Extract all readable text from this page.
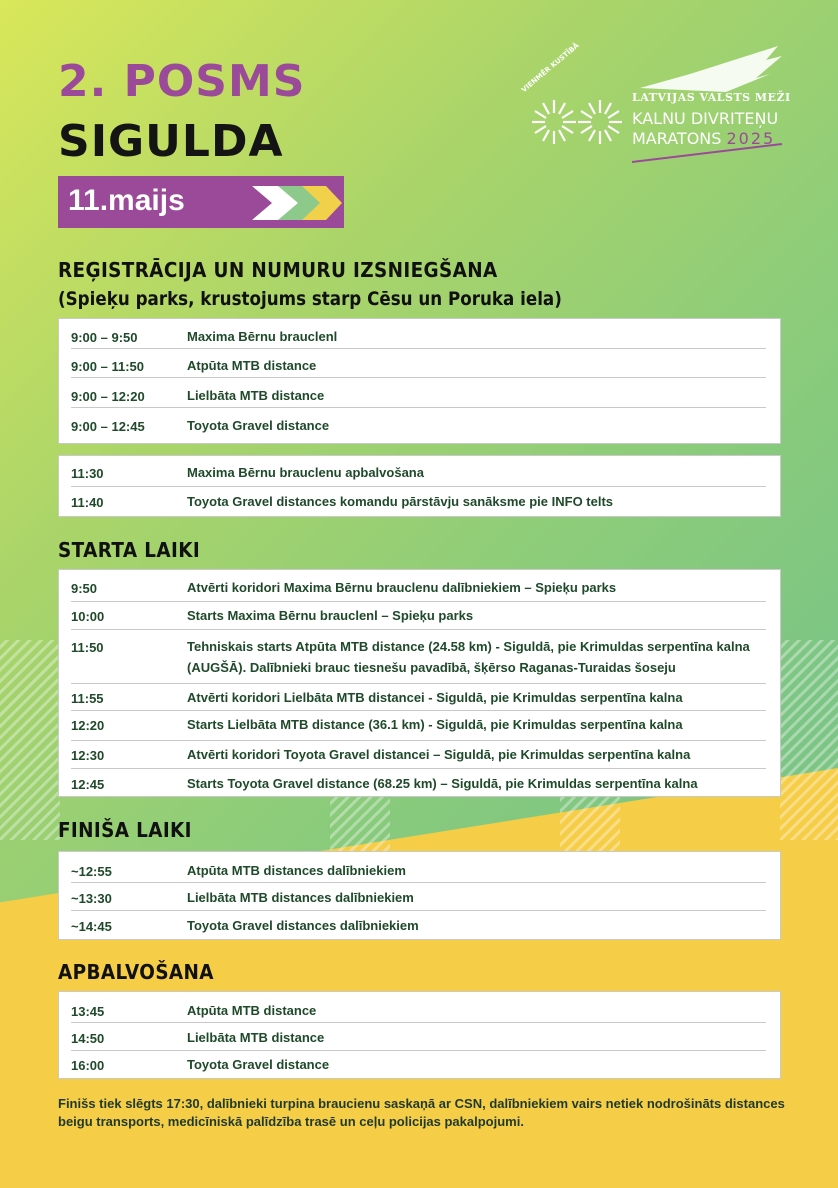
2. POSMS
SIGULDA
11.maijs
VIENMĒR KUSTĪBĀ
LATVIJAS VALSTS MEŽI
KALNU DIVRITEŅU
MARATONS 2025
REĢISTRĀCIJA UN NUMURU IZSNIEGŠANA
(Spieķu parks, krustojums starp Cēsu un Poruka iela)
9:00 – 9:50	Maxima Bērnu brauclenl
9:00 – 11:50	Atpūta MTB distance
9:00 – 12:20	Lielbāta MTB distance
9:00 – 12:45	Toyota Gravel distance
11:30	Maxima Bērnu brauclenu apbalvošana
11:40	Toyota Gravel distances komandu pārstāvju sanāksme pie INFO telts
STARTA LAIKI
9:50	Atvērti koridori Maxima Bērnu brauclenu dalībniekiem – Spieķu parks
10:00	Starts Maxima Bērnu brauclenl – Spieķu parks
11:50	Tehniskais starts Atpūta MTB distance (24.58 km) - Siguldā, pie Krimuldas serpentīna kalna (AUGŠĀ). Dalībnieki brauc tiesnešu pavadībā, šķērso Raganas-Turaidas šoseju
11:55	Atvērti koridori Lielbāta MTB distancei - Siguldā, pie Krimuldas serpentīna kalna
12:20	Starts Lielbāta MTB distance (36.1 km) - Siguldā, pie Krimuldas serpentīna kalna
12:30	Atvērti koridori Toyota Gravel distancei – Siguldā, pie Krimuldas serpentīna kalna
12:45	Starts Toyota Gravel distance (68.25 km) – Siguldā, pie Krimuldas serpentīna kalna
FINIŠA LAIKI
~12:55	Atpūta MTB distances dalībniekiem
~13:30	Lielbāta MTB distances dalībniekiem
~14:45	Toyota Gravel distances dalībniekiem
APBALVOŠANA
13:45	Atpūta MTB distance
14:50	Lielbāta MTB distance
16:00	Toyota Gravel distance
Finišs tiek slēgts 17:30, dalībnieki turpina braucienu saskaņā ar CSN, dalībniekiem vairs netiek nodrošināts distances beigu transports, medicīniskā palīdzība trasē un ceļu policijas pakalpojumi.
